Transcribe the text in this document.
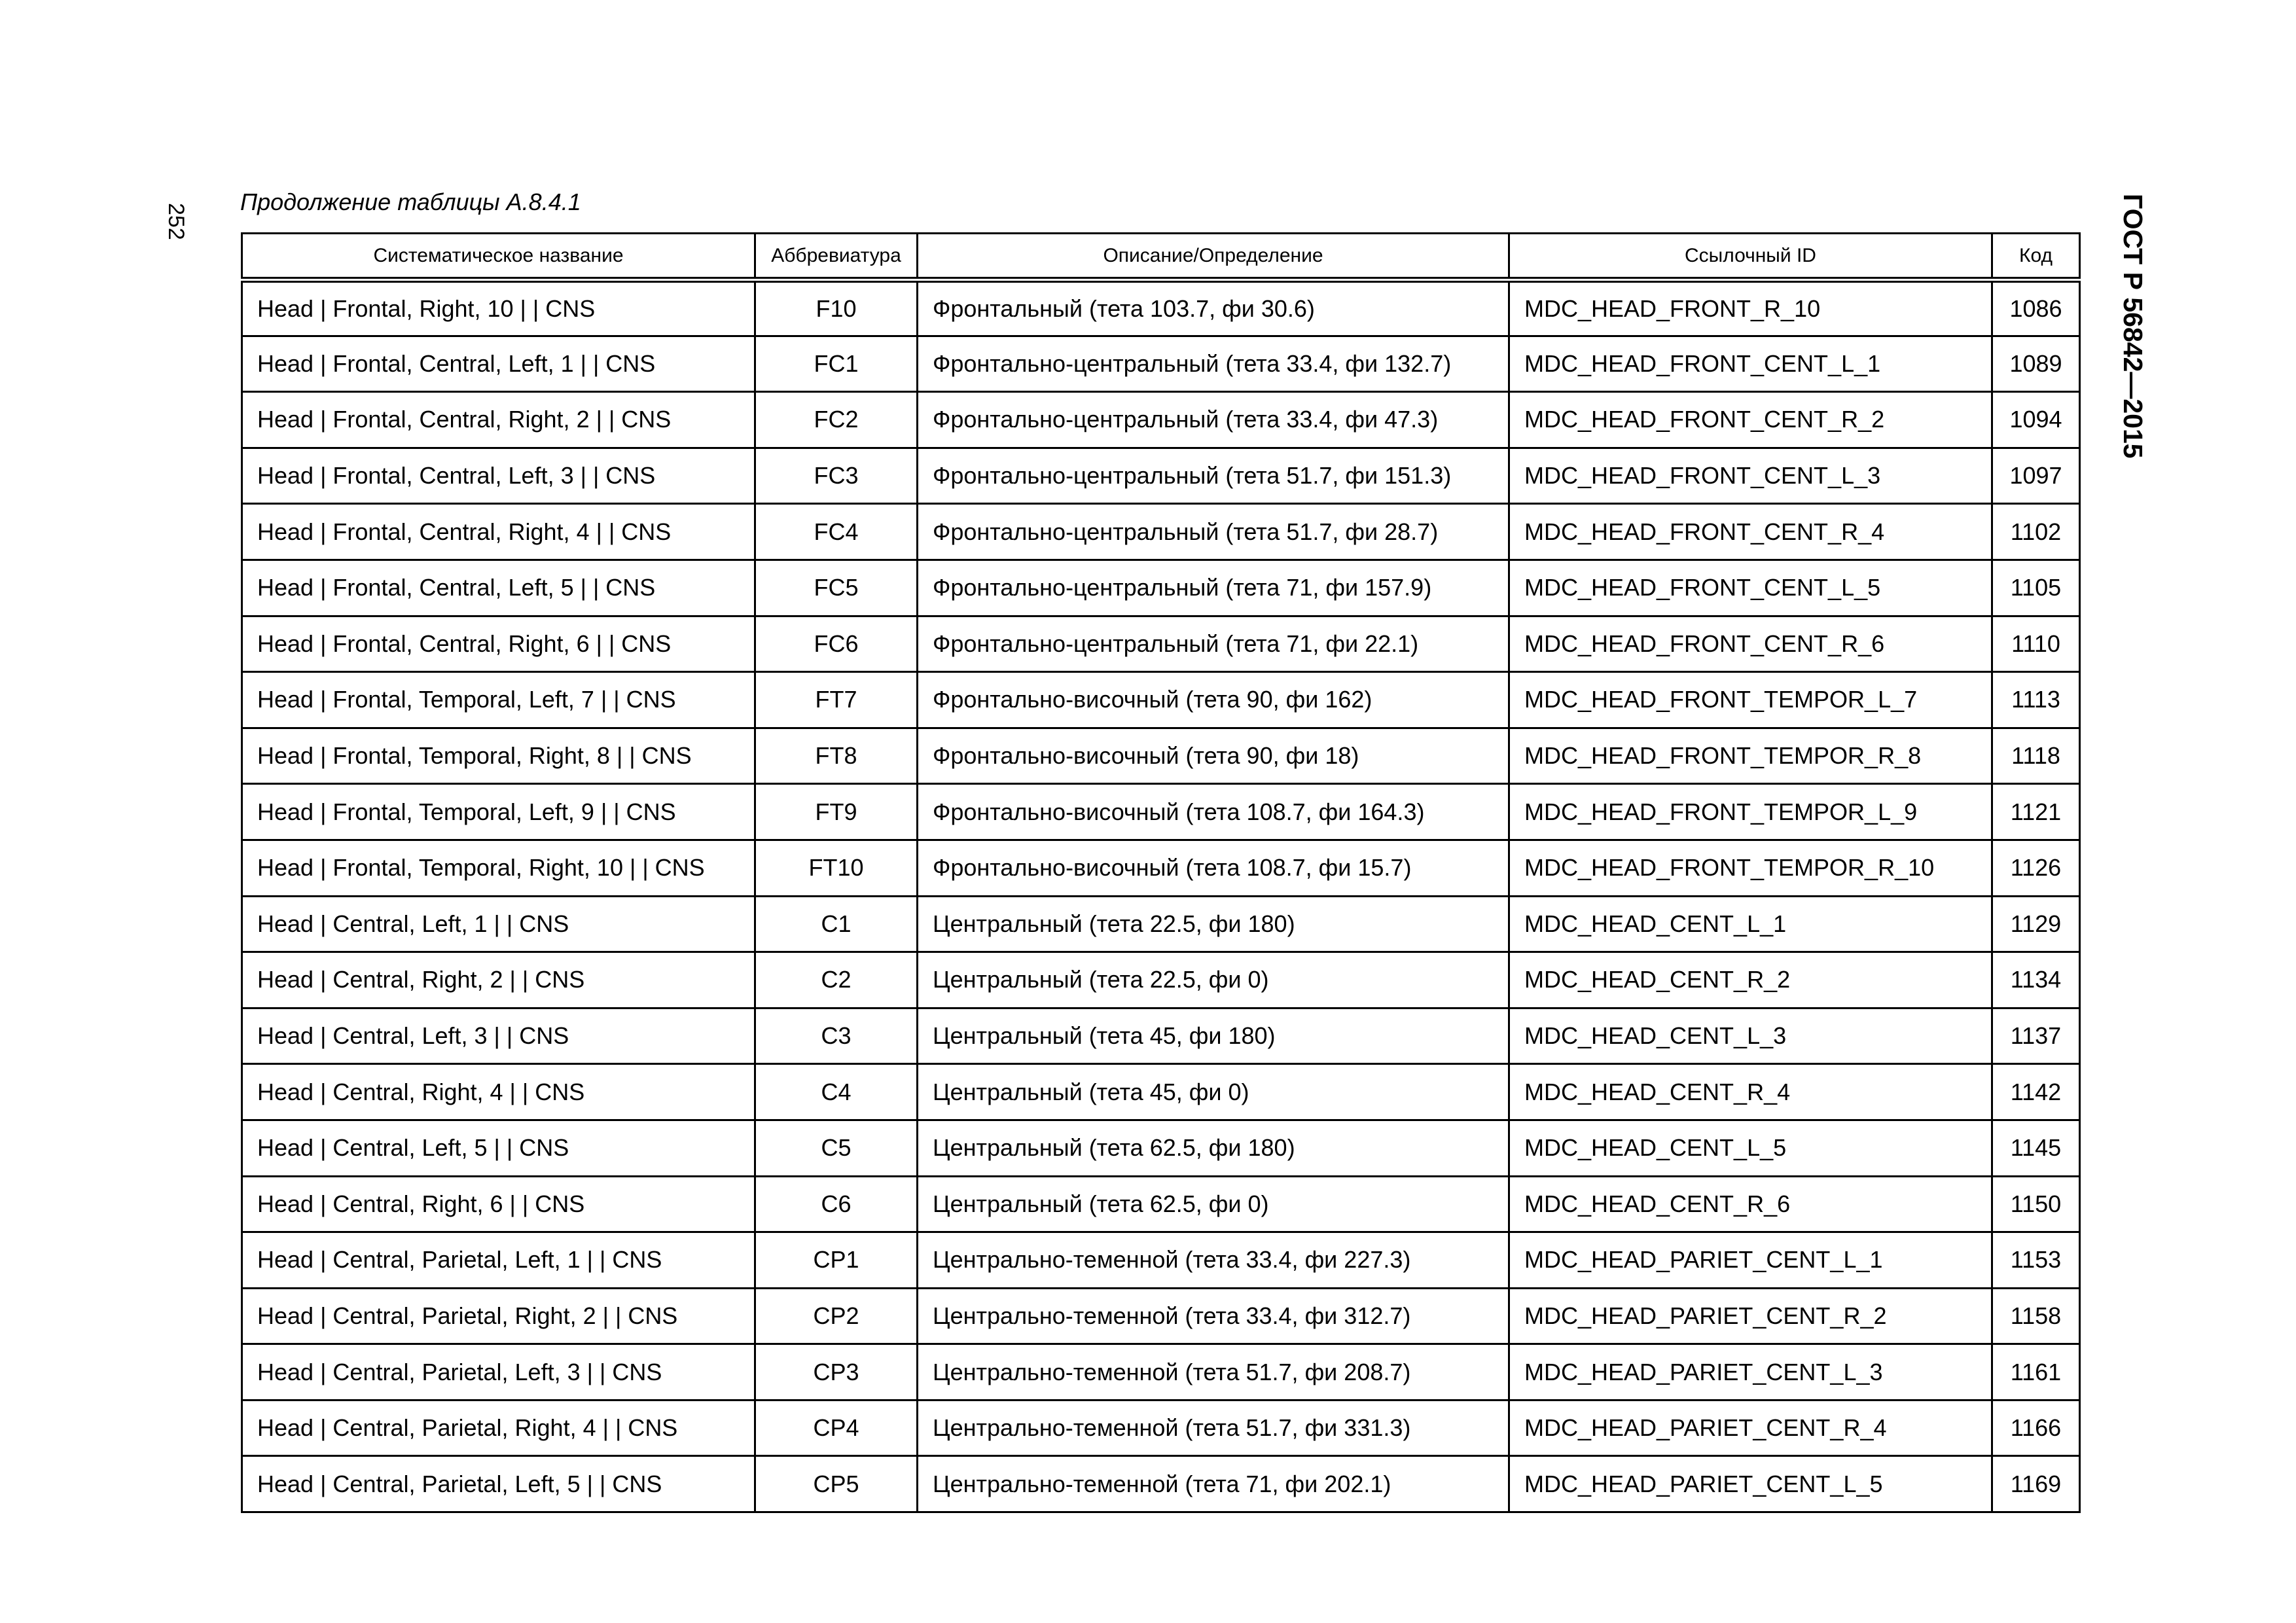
252	ГОСТ Р 56842—2015
Продолжение таблицы A.8.4.1
Систематическое название	Аббревиатура	Описание/Определение	Ссылочный ID	Код
Head | Frontal, Right, 10 | | CNS	F10	Фронтальный (тета 103.7, фи 30.6)	MDC_HEAD_FRONT_R_10	1086
Head | Frontal, Central, Left, 1 | | CNS	FC1	Фронтально-центральный (тета 33.4, фи 132.7)	MDC_HEAD_FRONT_CENT_L_1	1089
Head | Frontal, Central, Right, 2 | | CNS	FC2	Фронтально-центральный (тета 33.4, фи 47.3)	MDC_HEAD_FRONT_CENT_R_2	1094
Head | Frontal, Central, Left, 3 | | CNS	FC3	Фронтально-центральный (тета 51.7, фи 151.3)	MDC_HEAD_FRONT_CENT_L_3	1097
Head | Frontal, Central, Right, 4 | | CNS	FC4	Фронтально-центральный (тета 51.7, фи 28.7)	MDC_HEAD_FRONT_CENT_R_4	1102
Head | Frontal, Central, Left, 5 | | CNS	FC5	Фронтально-центральный (тета 71, фи 157.9)	MDC_HEAD_FRONT_CENT_L_5	1105
Head | Frontal, Central, Right, 6 | | CNS	FC6	Фронтально-центральный (тета 71, фи 22.1)	MDC_HEAD_FRONT_CENT_R_6	1110
Head | Frontal, Temporal, Left, 7 | | CNS	FT7	Фронтально-височный (тета 90, фи 162)	MDC_HEAD_FRONT_TEMPOR_L_7	1113
Head | Frontal, Temporal, Right, 8 | | CNS	FT8	Фронтально-височный (тета 90, фи 18)	MDC_HEAD_FRONT_TEMPOR_R_8	1118
Head | Frontal, Temporal, Left, 9 | | CNS	FT9	Фронтально-височный (тета 108.7, фи 164.3)	MDC_HEAD_FRONT_TEMPOR_L_9	1121
Head | Frontal, Temporal, Right, 10 | | CNS	FT10	Фронтально-височный (тета 108.7, фи 15.7)	MDC_HEAD_FRONT_TEMPOR_R_10	1126
Head | Central, Left, 1 | | CNS	C1	Центральный (тета 22.5, фи 180)	MDC_HEAD_CENT_L_1	1129
Head | Central, Right, 2 | | CNS	C2	Центральный (тета 22.5, фи 0)	MDC_HEAD_CENT_R_2	1134
Head | Central, Left, 3 | | CNS	C3	Центральный (тета 45, фи 180)	MDC_HEAD_CENT_L_3	1137
Head | Central, Right, 4 | | CNS	C4	Центральный (тета 45, фи 0)	MDC_HEAD_CENT_R_4	1142
Head | Central, Left, 5 | | CNS	C5	Центральный (тета 62.5, фи 180)	MDC_HEAD_CENT_L_5	1145
Head | Central, Right, 6 | | CNS	C6	Центральный (тета 62.5, фи 0)	MDC_HEAD_CENT_R_6	1150
Head | Central, Parietal, Left, 1 | | CNS	CP1	Центрально-теменной (тета 33.4, фи 227.3)	MDC_HEAD_PARIET_CENT_L_1	1153
Head | Central, Parietal, Right, 2 | | CNS	CP2	Центрально-теменной (тета 33.4, фи 312.7)	MDC_HEAD_PARIET_CENT_R_2	1158
Head | Central, Parietal, Left, 3 | | CNS	CP3	Центрально-теменной (тета 51.7, фи 208.7)	MDC_HEAD_PARIET_CENT_L_3	1161
Head | Central, Parietal, Right, 4 | | CNS	CP4	Центрально-теменной (тета 51.7, фи 331.3)	MDC_HEAD_PARIET_CENT_R_4	1166
Head | Central, Parietal, Left, 5 | | CNS	CP5	Центрально-теменной (тета 71, фи 202.1)	MDC_HEAD_PARIET_CENT_L_5	1169
